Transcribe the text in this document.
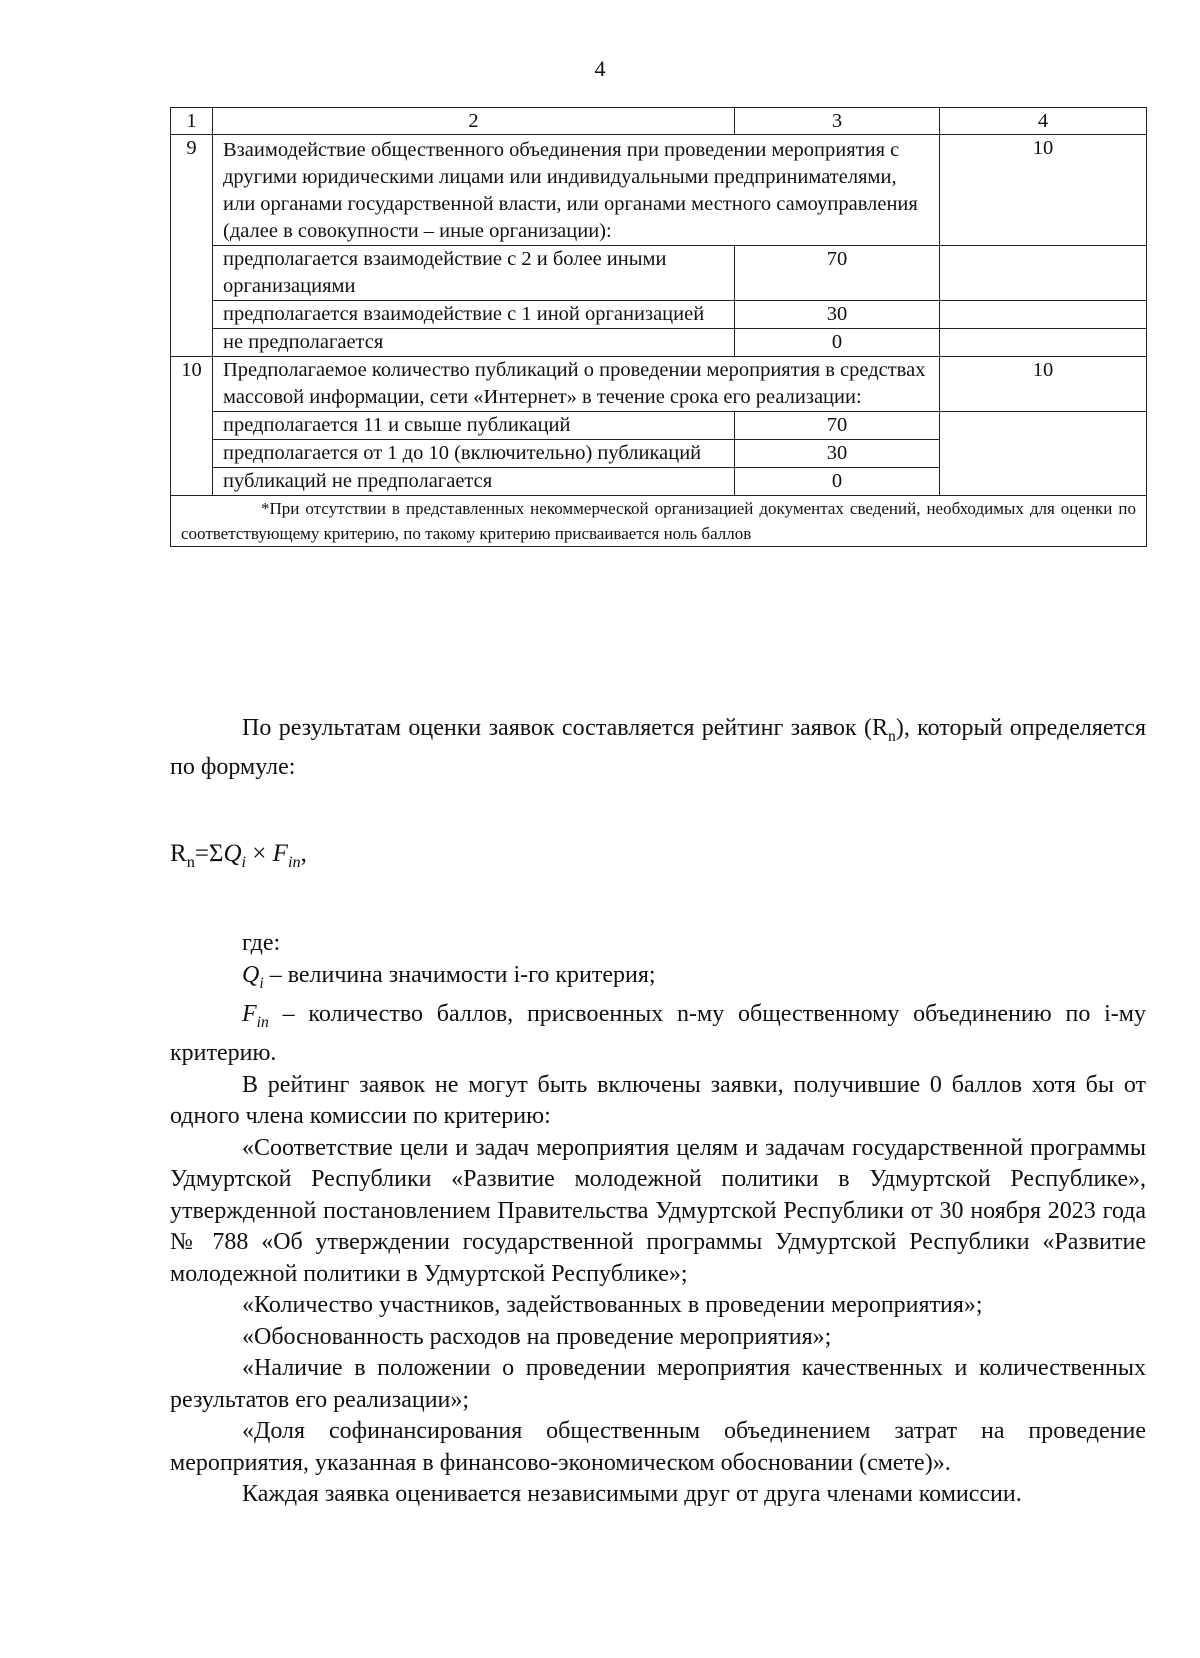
4
1	2	3	4
9	Взаимодействие общественного объединения при проведении мероприятия с другими юридическими лицами или индивидуальными предпринимателями, или органами государственной власти, или органами местного самоуправления (далее в совокупности – иные организации):		10
	предполагается взаимодействие с 2 и более иными организациями	70	
	предполагается взаимодействие с 1 иной организацией	30	
	не предполагается	0	
10	Предполагаемое количество публикаций о проведении мероприятия в средствах массовой информации, сети «Интернет» в течение срока его реализации:		10
	предполагается 11 и свыше публикаций	70	
	предполагается от 1 до 10 (включительно) публикаций	30	
	публикаций не предполагается	0	
*При отсутствии в представленных некоммерческой организацией документах сведений, необходимых для оценки по соответствующему критерию, по такому критерию присваивается ноль баллов			

По результатам оценки заявок составляется рейтинг заявок $(R_n)$, который определяется по формуле:

$R_n=\Sigma Q_i \times F_{in}$,

где:

$Q_i$ – величина значимости i-го критерия;

$F_{in}$ – количество баллов, присвоенных n-му общественному объединению по i-му критерию.

В рейтинг заявок не могут быть включены заявки, получившие 0 баллов хотя бы от одного члена комиссии по критерию:

«Соответствие цели и задач мероприятия целям и задачам государственной программы Удмуртской Республики «Развитие молодежной политики в Удмуртской Республике», утвержденной постановлением Правительства Удмуртской Республики от 30 ноября 2023 года № 788 «Об утверждении государственной программы Удмуртской Республики «Развитие молодежной политики в Удмуртской Республике»;

«Количество участников, задействованных в проведении мероприятия»;

«Обоснованность расходов на проведение мероприятия»;

«Наличие в положении о проведении мероприятия качественных и количественных результатов его реализации»;

«Доля софинансирования общественным объединением затрат на проведение мероприятия, указанная в финансово-экономическом обосновании (смете)».

Каждая заявка оценивается независимыми друг от друга членами комиссии.
